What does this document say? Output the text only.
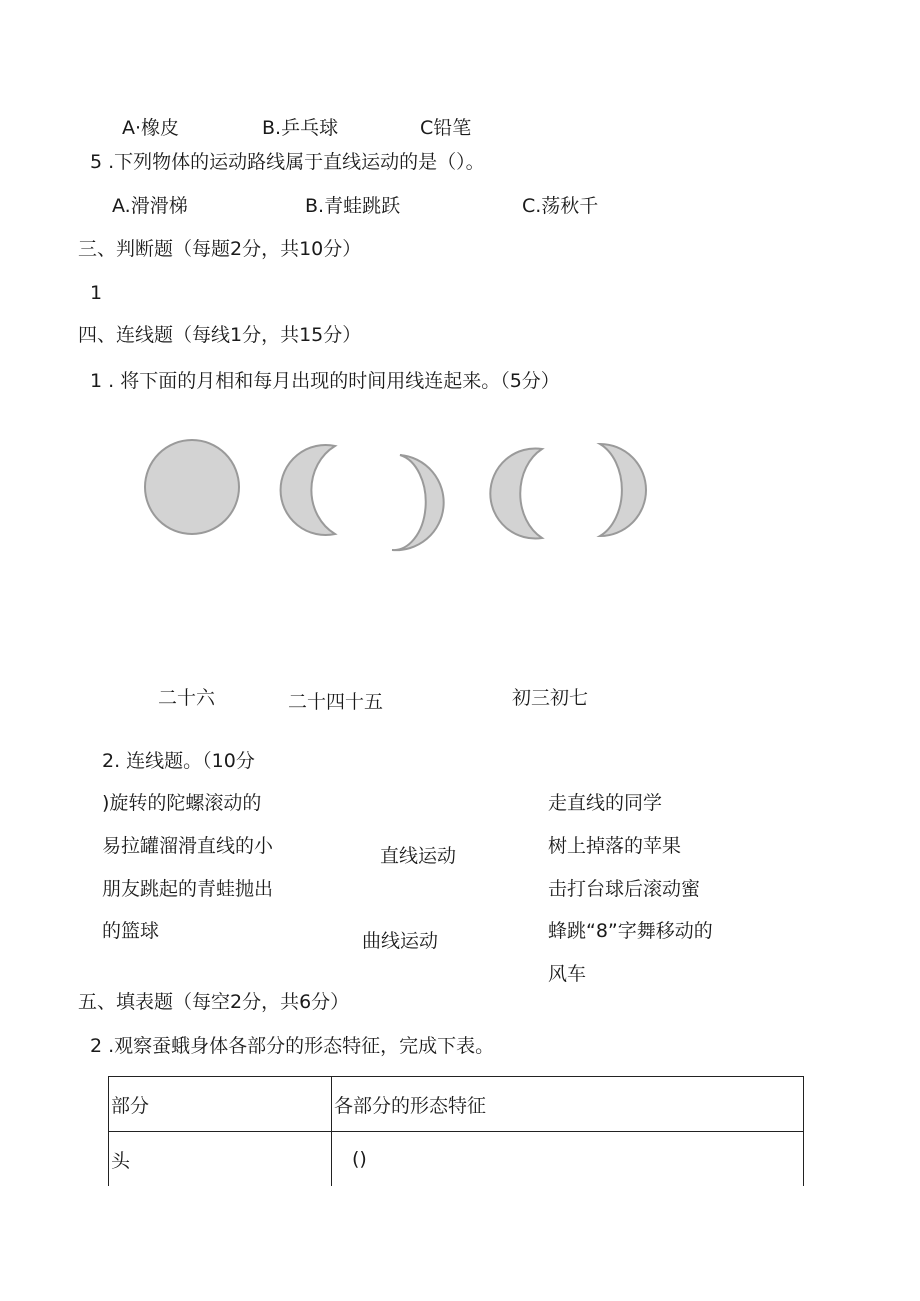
A·橡皮	B.乒乓球	C铅笔
5 .下列物体的运动路线属于直线运动的是（）。
A.滑滑梯	B.青蛙跳跃	C.荡秋千
三、判断题（每题2分，共10分）
1
四、连线题（每线1分，共15分）
1 . 将下面的月相和每月出现的时间用线连起来。（5分）
二十六	二十四十五	初三初七
2. 连线题。（10分
)旋转的陀螺滚动的
易拉罐溜滑直线的小
朋友跳起的青蛙抛出
的篮球
直线运动
曲线运动
走直线的同学
树上掉落的苹果
击打台球后滚动蜜
蜂跳“8”字舞移动的
风车
五、填表题（每空2分，共6分）
2 .观察蚕蛾身体各部分的形态特征，完成下表。
部分	各部分的形态特征
头	()
